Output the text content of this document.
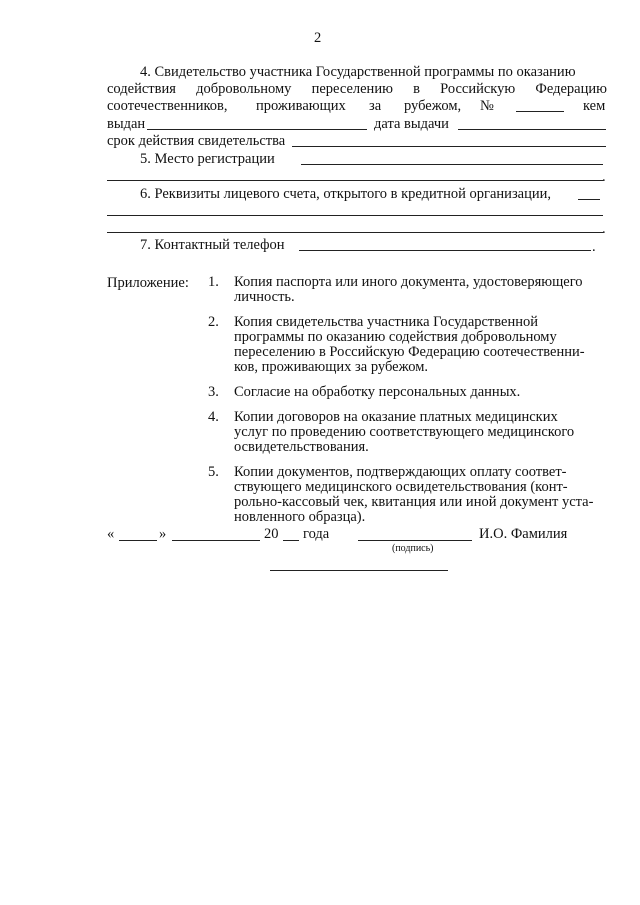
2
4. Свидетельство участника Государственной программы по оказанию
содействия добровольному переселению в Российскую Федерацию
соотечественников, проживающих за рубежом, №	кем
выдан	дата выдачи
срок действия свидетельства
5. Место регистрации
.
6. Реквизиты лицевого счета, открытого в кредитной организации,
.
7. Контактный телефон	.
Приложение: 1.	Копия паспорта или иного документа, удостоверяющего
личность.
2.	Копия свидетельства участника Государственной
программы по оказанию содействия добровольному
переселению в Российскую Федерацию соотечественни-
ков, проживающих за рубежом.
3.	Согласие на обработку персональных данных.
4.	Копии договоров на оказание платных медицинских
услуг по проведению соответствующего медицинского
освидетельствования.
5.	Копии документов, подтверждающих оплату соответ-
ствующего медицинского освидетельствования (конт-
рольно-кассовый чек, квитанция или иной документ уста-
новленного образца).
«	»	20 года
(подпись)
И.О. Фамилия
